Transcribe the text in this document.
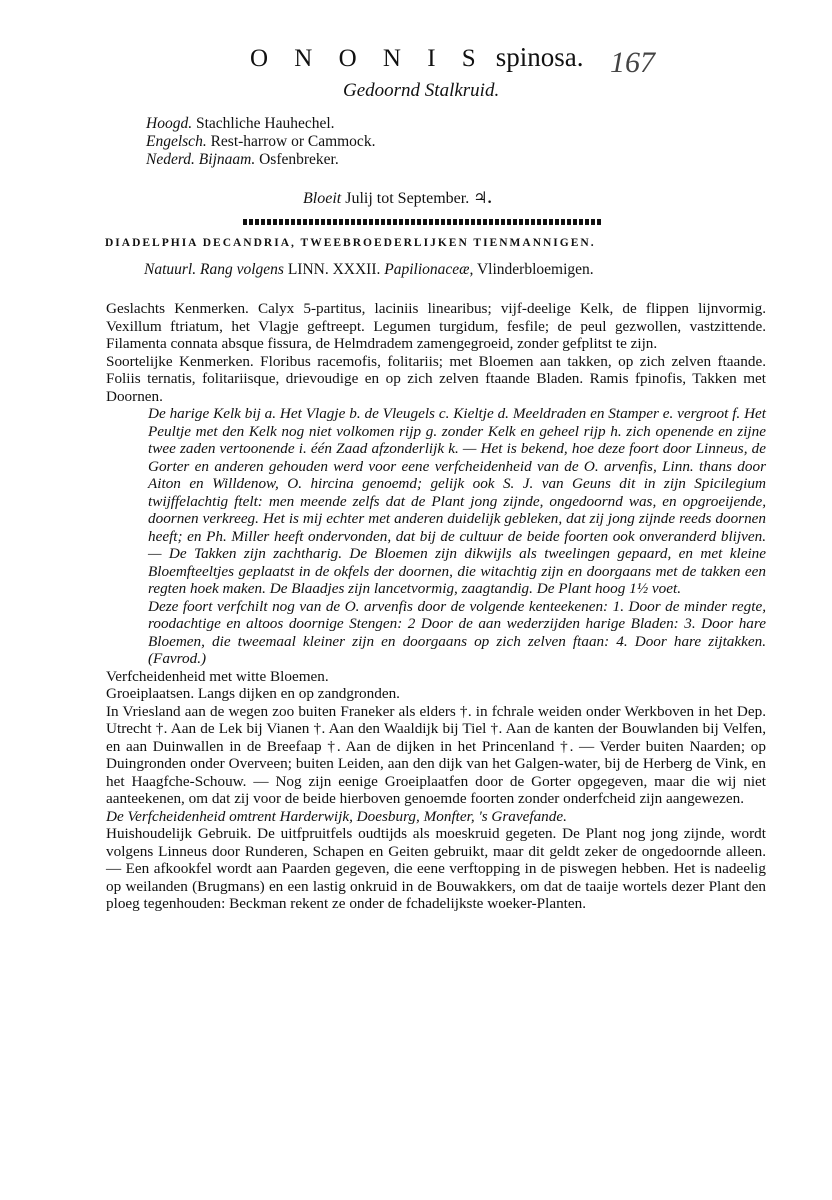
O N O N I S spinosa. 167
Gedoornd Stalkruid.
Hoogd. Stachliche Hauhechel.
Engelsch. Rest-harrow or Cammock.
Nederd. Bijnaam. Osfenbreker.
Bloeit Julij tot September. ♃.
DIADELPHIA DECANDRIA, TWEEBROEDERLIJKEN TIENMANNIGEN.
Natuurl. Rang volgens LINN. XXXII. Papilionaceæ, Vlinderbloemigen.

Geslachts Kenmerken. Calyx 5-partitus, laciniis linearibus; vijf-deelige Kelk, de flippen lijnvormig. Vexillum ftriatum, het Vlagje geftreept. Legumen turgidum, fesfile; de peul gezwollen, vastzittende. Filamenta connata absque fissura, de Helmdradem zamengegroeid, zonder gefplitst te zijn.

Soortelijke Kenmerken. Floribus racemofis, folitariis; met Bloemen aan takken, op zich zelven ftaande. Foliis ternatis, folitariisque, drievoudige en op zich zelven ftaande Bladen. Ramis fpinofis, Takken met Doornen.

De harige Kelk bij a. Het Vlagje b. de Vleugels c. Kieltje d. Meeldraden en Stamper e. vergroot f. Het Peultje met den Kelk nog niet volkomen rijp g. zonder Kelk en geheel rijp h. zich openende en zijne twee zaden vertoonende i. één Zaad afzonderlijk k. — Het is bekend, hoe deze foort door Linneus, de Gorter en anderen gehouden werd voor eene verfcheidenheid van de O. arvenfis, Linn. thans door Aiton en Willdenow, O. hircina genoemd; gelijk ook S. J. van Geuns dit in zijn Spicilegium twijffelachtig ftelt: men meende zelfs dat de Plant jong zijnde, ongedoornd was, en opgroeijende, doornen verkreeg. Het is mij echter met anderen duidelijk gebleken, dat zij jong zijnde reeds doornen heeft; en Ph. Miller heeft ondervonden, dat bij de cultuur de beide foorten ook onveranderd blijven. — De Takken zijn zachtharig. De Bloemen zijn dikwijls als tweelingen gepaard, en met kleine Bloemfteeltjes geplaatst in de okfels der doornen, die witachtig zijn en doorgaans met de takken een regten hoek maken. De Blaadjes zijn lancetvormig, zaagtandig. De Plant hoog 1½ voet.

Deze foort verfchilt nog van de O. arvenfis door de volgende kenteekenen: 1. Door de minder regte, roodachtige en altoos doornige Stengen: 2 Door de aan wederzijden harige Bladen: 3. Door hare Bloemen, die tweemaal kleiner zijn en doorgaans op zich zelven ftaan: 4. Door hare zijtakken. (Favrod.)

Verfcheidenheid met witte Bloemen.

Groeiplaatsen. Langs dijken en op zandgronden.

In Vriesland aan de wegen zoo buiten Franeker als elders †. in fchrale weiden onder Werkboven in het Dep. Utrecht †. Aan de Lek bij Vianen †. Aan den Waaldijk bij Tiel †. Aan de kanten der Bouwlanden bij Velfen, en aan Duinwallen in de Breefaap †. Aan de dijken in het Princenland †. — Verder buiten Naarden; op Duingronden onder Overveen; buiten Leiden, aan den dijk van het Galgen-water, bij de Herberg de Vink, en het Haagfche-Schouw. — Nog zijn eenige Groeiplaatfen door de Gorter opgegeven, maar die wij niet aanteekenen, om dat zij voor de beide hierboven genoemde foorten zonder onderfcheid zijn aangewezen.

De Verfcheidenheid omtrent Harderwijk, Doesburg, Monfter, 's Gravefande.

Huishoudelijk Gebruik. De uitfpruitfels oudtijds als moeskruid gegeten. De Plant nog jong zijnde, wordt volgens Linneus door Runderen, Schapen en Geiten gebruikt, maar dit geldt zeker de ongedoornde alleen. — Een afkookfel wordt aan Paarden gegeven, die eene verftopping in de piswegen hebben. Het is nadeelig op weilanden (Brugmans) en een lastig onkruid in de Bouwakkers, om dat de taaije wortels dezer Plant den ploeg tegenhouden: Beckman rekent ze onder de fchadelijkste woeker-Planten.
